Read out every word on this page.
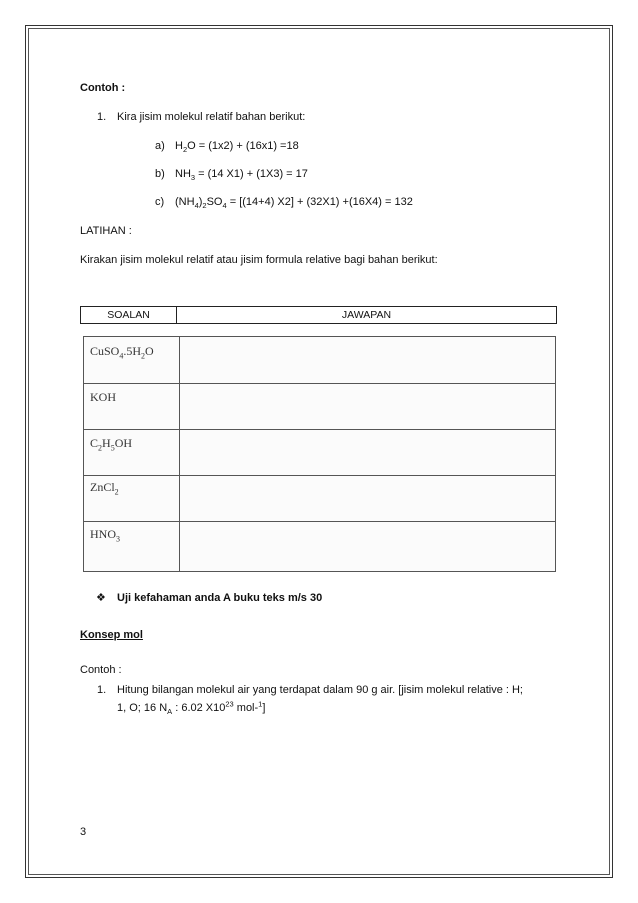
Contoh :
1. Kira jisim molekul relatif bahan berikut:
a) $H_2O = (1x2) + (16x1) =18$
b) $NH_3 = (14$ X1) + (1X3) = 17
c) $(NH_4)_2SO_4 = [(14+4) X2] + (32X1) +(16X4) = 132$
LATIHAN :
Kirakan jisim molekul relatif atau jisim formula relative bagi bahan berikut:
SOALAN	JAWAPAN
$CuSO_4.5H_2O$
KOH
$C_2H_5OH$
ZnCl$_2$
$HNO_3$
❖ Uji kefahaman anda A buku teks m/s 30
Konsep mol
Contoh :
1. Hitung bilangan molekul air yang terdapat dalam 90 g air. [jisim molekul relative : H;
1, O; 16 $N_A$ : 6.02 $X10^{23}$ mol-$^1$]
3
